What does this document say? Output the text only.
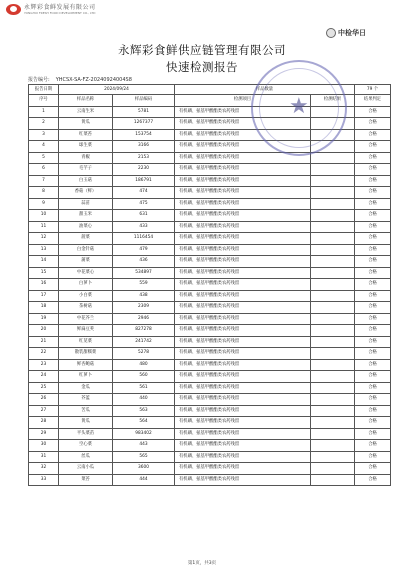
永辉彩食鲜发展有限公司
YONGHUI FRESH FOOD DEVELOPMENT CO., LTD
中检华日
永辉彩食鲜供应链管理有限公司
快速检测报告
报告编号: YHCSX-SA-FZ-20240924004S8
报告日期	2024/09/24		样品数量		79 个
序号	样品名称	样品编码	检测项目	检测结果	结果判定
1	云南生米	5781	有机磷、氨基甲酸酯类农药残留		合格
2	黄瓜	1267377	有机磷、氨基甲酸酯类农药残留		合格
3	红菜苔	153754	有机磷、氨基甲酸酯类农药残留		合格
4	球生菜	3166	有机磷、氨基甲酸酯类农药残留		合格
5	青椒	2153	有机磷、氨基甲酸酯类农药残留		合格
6	毛芋子	2230	有机磷、氨基甲酸酯类农药残留		合格
7	白玉菇	186791	有机磷、氨基甲酸酯类农药残留		合格
8	香菇（鲜）	474	有机磷、氨基甲酸酯类农药残留		合格
9	蒜苗	475	有机磷、氨基甲酸酯类农药残留		合格
10	甜玉米	631	有机磷、氨基甲酸酯类农药残留		合格
11	油菜心	433	有机磷、氨基甲酸酯类农药残留		合格
12	菠菜	1116454	有机磷、氨基甲酸酯类农药残留		合格
13	白金针菇	479	有机磷、氨基甲酸酯类农药残留		合格
14	蒲菜	436	有机磷、氨基甲酸酯类农药残留		合格
15	中花菜心	534897	有机磷、氨基甲酸酯类农药残留		合格
16	白萝卜	559	有机磷、氨基甲酸酯类农药残留		合格
17	小白菜	438	有机磷、氨基甲酸酯类农药残留		合格
18	茶树菇	2309	有机磷、氨基甲酸酯类农药残留		合格
19	中花芥兰	2946	有机磷、氨基甲酸酯类农药残留		合格
20	鲜扁豆荚	827278	有机磷、氨基甲酸酯类农药残留		合格
21	红苋菜	241742	有机磷、氨基甲酸酯类农药残留		合格
22	散装甜糯菜	5278	有机磷、氨基甲酸酯类农药残留		合格
23	鲜杏鲍菇	480	有机磷、氨基甲酸酯类农药残留		合格
24	红萝卜	560	有机磷、氨基甲酸酯类农药残留		合格
25	金瓜	561	有机磷、氨基甲酸酯类农药残留		合格
26	芥蓝	440	有机磷、氨基甲酸酯类农药残留		合格
27	苦瓜	563	有机磷、氨基甲酸酯类农药残留		合格
28	黄瓜	564	有机磷、氨基甲酸酯类农药残留		合格
29	平头菜苗	983402	有机磷、氨基甲酸酯类农药残留		合格
30	空心菜	443	有机磷、氨基甲酸酯类农药残留		合格
31	丝瓜	565	有机磷、氨基甲酸酯类农药残留		合格
32	云南小瓜	3600	有机磷、氨基甲酸酯类农药残留		合格
33	菜苔	444	有机磷、氨基甲酸酯类农药残留		合格
★
第1页，共3页
